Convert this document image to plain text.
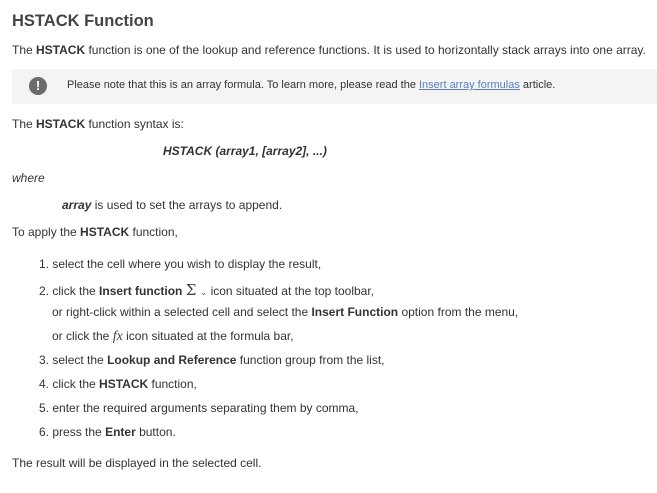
HSTACK Function
The HSTACK function is one of the lookup and reference functions. It is used to horizontally stack arrays into one array.
!	Please note that this is an array formula. To learn more, please read the Insert array formulas article.
The HSTACK function syntax is:
HSTACK (array1, [array2], ...)
where
array is used to set the arrays to append.
To apply the HSTACK function,
1. select the cell where you wish to display the result,
2. click the Insert function Σ ⌄ icon situated at the top toolbar,
or right-click within a selected cell and select the Insert Function option from the menu,
or click the fx icon situated at the formula bar,
3. select the Lookup and Reference function group from the list,
4. click the HSTACK function,
5. enter the required arguments separating them by comma,
6. press the Enter button.
The result will be displayed in the selected cell.
